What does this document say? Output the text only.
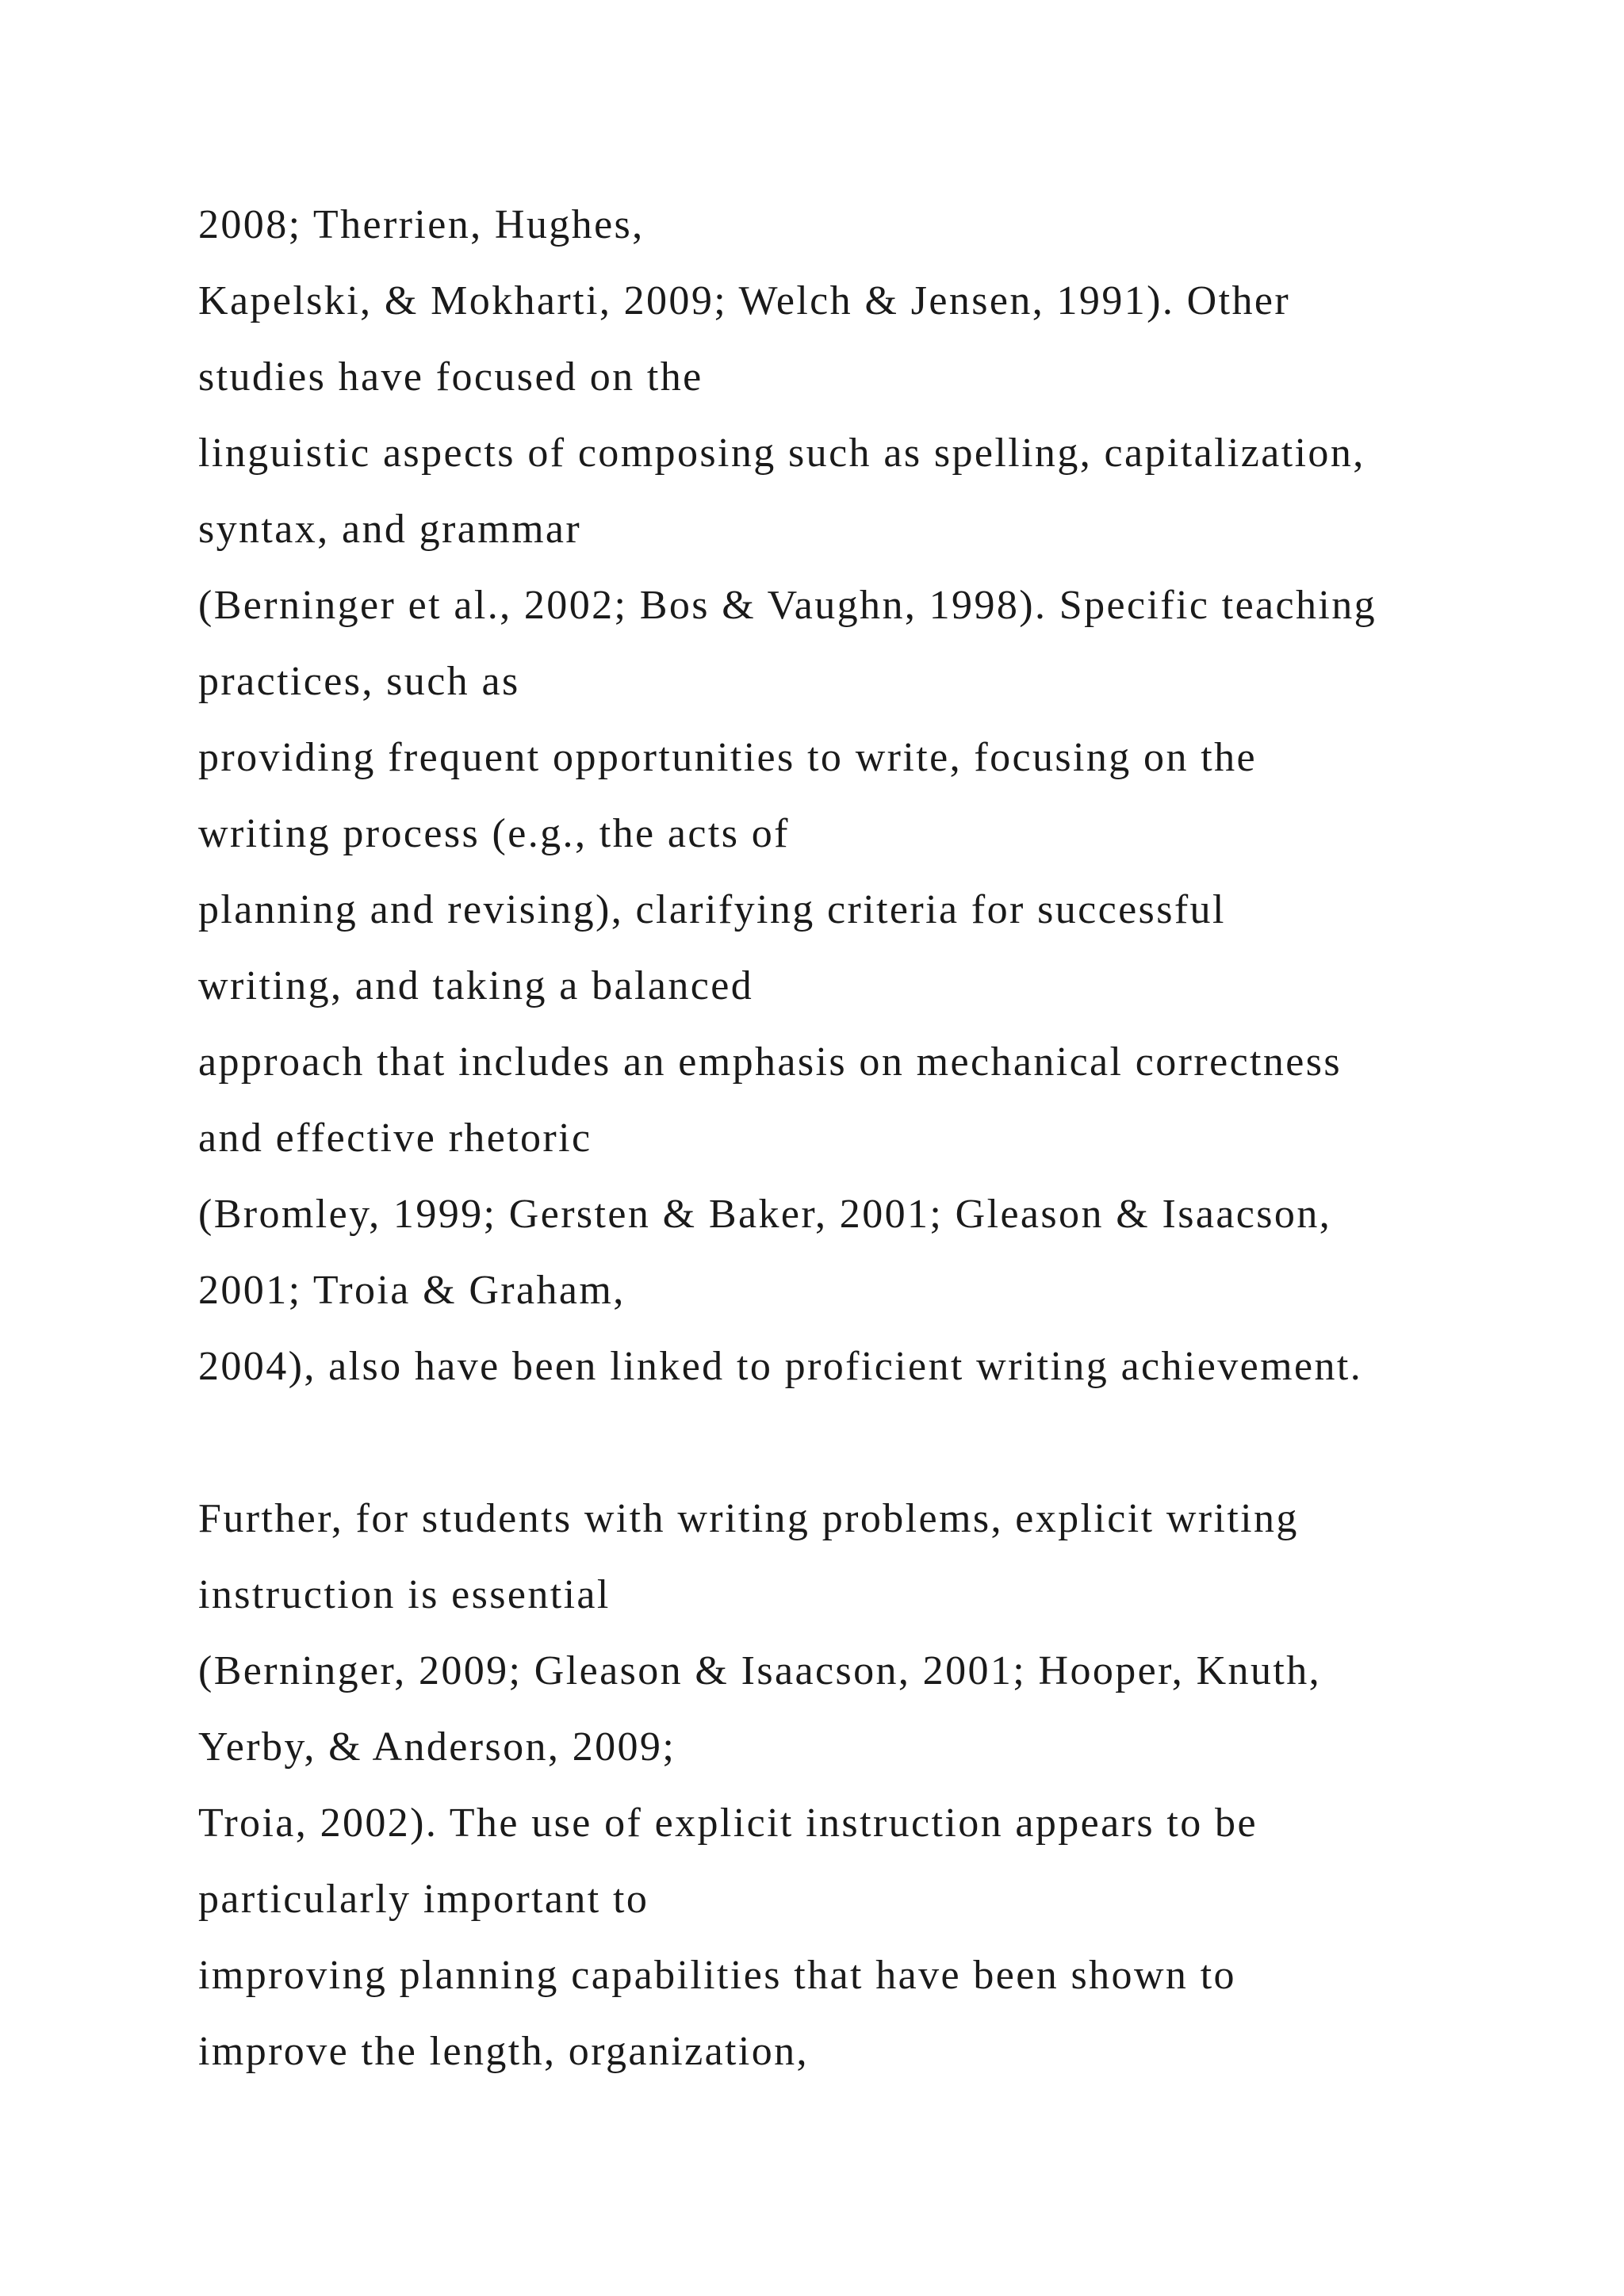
2008; Therrien, Hughes,
Kapelski, & Mokharti, 2009; Welch & Jensen, 1991). Other
studies have focused on the
linguistic aspects of composing such as spelling, capitalization,
syntax, and grammar
(Berninger et al., 2002; Bos & Vaughn, 1998). Specific teaching
practices, such as
providing frequent opportunities to write, focusing on the
writing process (e.g., the acts of
planning and revising), clarifying criteria for successful
writing, and taking a balanced
approach that includes an emphasis on mechanical correctness
and effective rhetoric
(Bromley, 1999; Gersten & Baker, 2001; Gleason & Isaacson,
2001; Troia & Graham,
2004), also have been linked to proficient writing achievement.
Further, for students with writing problems, explicit writing
instruction is essential
(Berninger, 2009; Gleason & Isaacson, 2001; Hooper, Knuth,
Yerby, & Anderson, 2009;
Troia, 2002). The use of explicit instruction appears to be
particularly important to
improving planning capabilities that have been shown to
improve the length, organization,
